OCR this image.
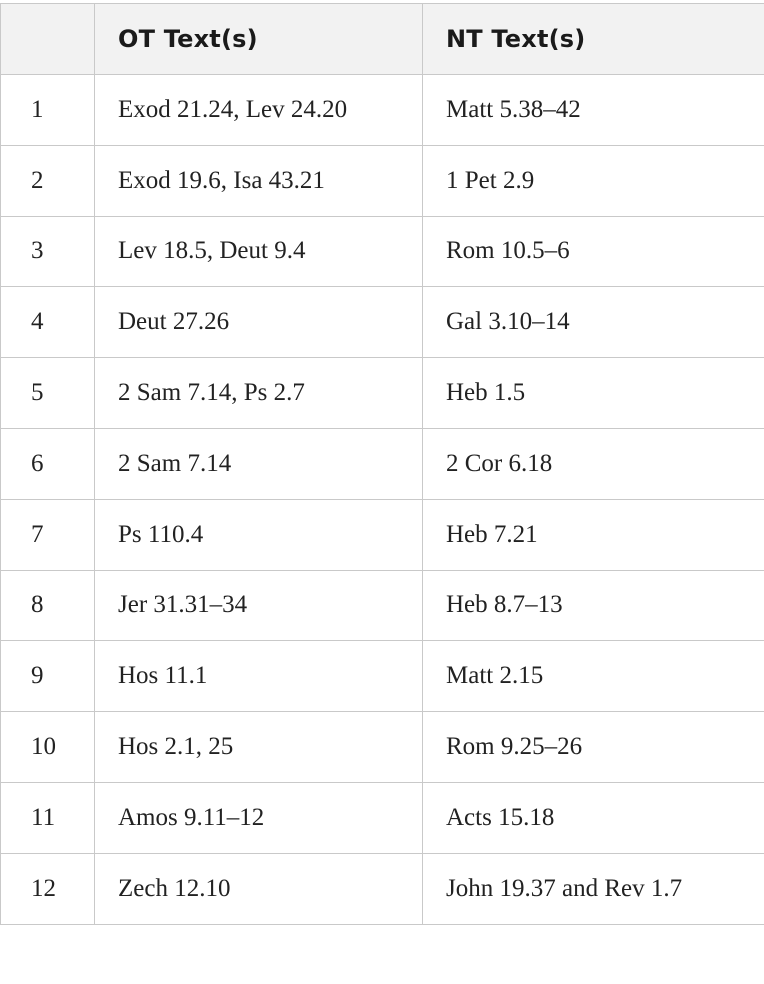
	OT Text(s)	NT Text(s)
1	Exod 21.24, Lev 24.20	Matt 5.38–42
2	Exod 19.6, Isa 43.21	1 Pet 2.9
3	Lev 18.5, Deut 9.4	Rom 10.5–6
4	Deut 27.26	Gal 3.10–14
5	2 Sam 7.14, Ps 2.7	Heb 1.5
6	2 Sam 7.14	2 Cor 6.18
7	Ps 110.4	Heb 7.21
8	Jer 31.31–34	Heb 8.7–13
9	Hos 11.1	Matt 2.15
10	Hos 2.1, 25	Rom 9.25–26
11	Amos 9.11–12	Acts 15.18
12	Zech 12.10	John 19.37 and Rev 1.7
